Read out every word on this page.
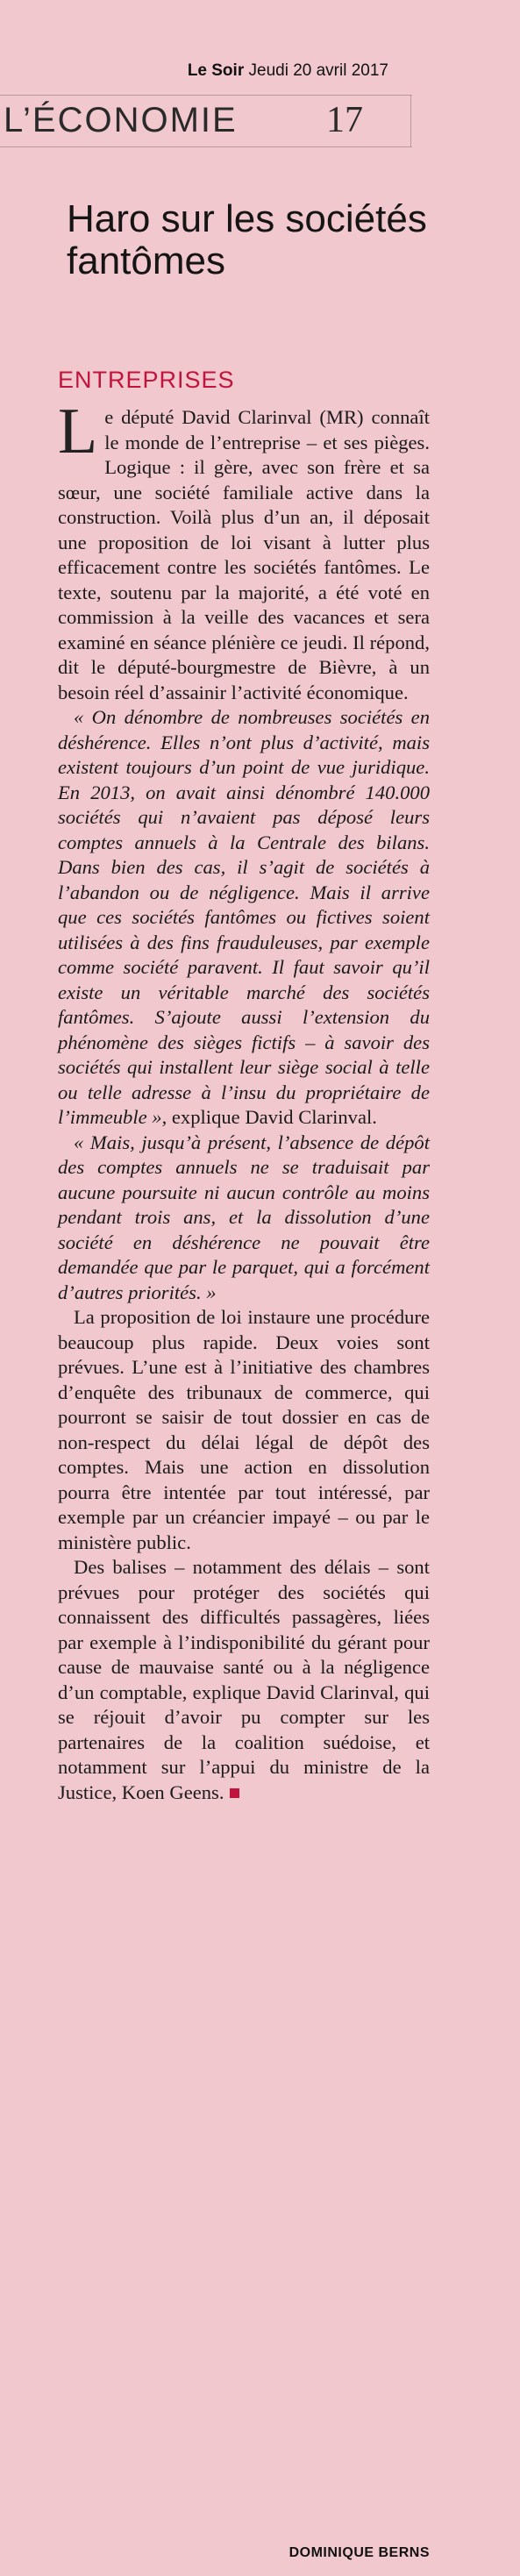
Le Soir Jeudi 20 avril 2017
L’ÉCONOMIE 17
Haro sur les sociétés fantômes
ENTREPRISES

Le député David Clarinval (MR) connaît le monde de l’entreprise – et ses pièges. Logique : il gère, avec son frère et sa sœur, une société familiale active dans la construction. Voilà plus d’un an, il déposait une proposition de loi visant à lutter plus efficacement contre les sociétés fantômes. Le texte, soutenu par la majorité, a été voté en commission à la veille des vacances et sera examiné en séance plénière ce jeudi. Il répond, dit le député-bourgmestre de Bièvre, à un besoin réel d’assainir l’activité économique.

« On dénombre de nombreuses sociétés en déshérence. Elles n’ont plus d’activité, mais existent toujours d’un point de vue juridique. En 2013, on avait ainsi dénombré 140.000 sociétés qui n’avaient pas déposé leurs comptes annuels à la Centrale des bilans. Dans bien des cas, il s’agit de sociétés à l’abandon ou de négligence. Mais il arrive que ces sociétés fantômes ou fictives soient utilisées à des fins frauduleuses, par exemple comme société paravent. Il faut savoir qu’il existe un véritable marché des sociétés fantômes. S’ajoute aussi l’extension du phénomène des sièges fictifs – à savoir des sociétés qui installent leur siège social à telle ou telle adresse à l’insu du propriétaire de l’immeuble », explique David Clarinval.

« Mais, jusqu’à présent, l’absence de dépôt des comptes annuels ne se traduisait par aucune poursuite ni aucun contrôle au moins pendant trois ans, et la dissolution d’une société en déshérence ne pouvait être demandée que par le parquet, qui a forcément d’autres priorités. »

La proposition de loi instaure une procédure beaucoup plus rapide. Deux voies sont prévues. L’une est à l’initiative des chambres d’enquête des tribunaux de commerce, qui pourront se saisir de tout dossier en cas de non-respect du délai légal de dépôt des comptes. Mais une action en dissolution pourra être intentée par tout intéressé, par exemple par un créancier impayé – ou par le ministère public.

Des balises – notamment des délais – sont prévues pour protéger des sociétés qui connaissent des difficultés passagères, liées par exemple à l’indisponibilité du gérant pour cause de mauvaise santé ou à la négligence d’un comptable, explique David Clarinval, qui se réjouit d’avoir pu compter sur les partenaires de la coalition suédoise, et notamment sur l’appui du ministre de la Justice, Koen Geens.

DOMINIQUE BERNS
